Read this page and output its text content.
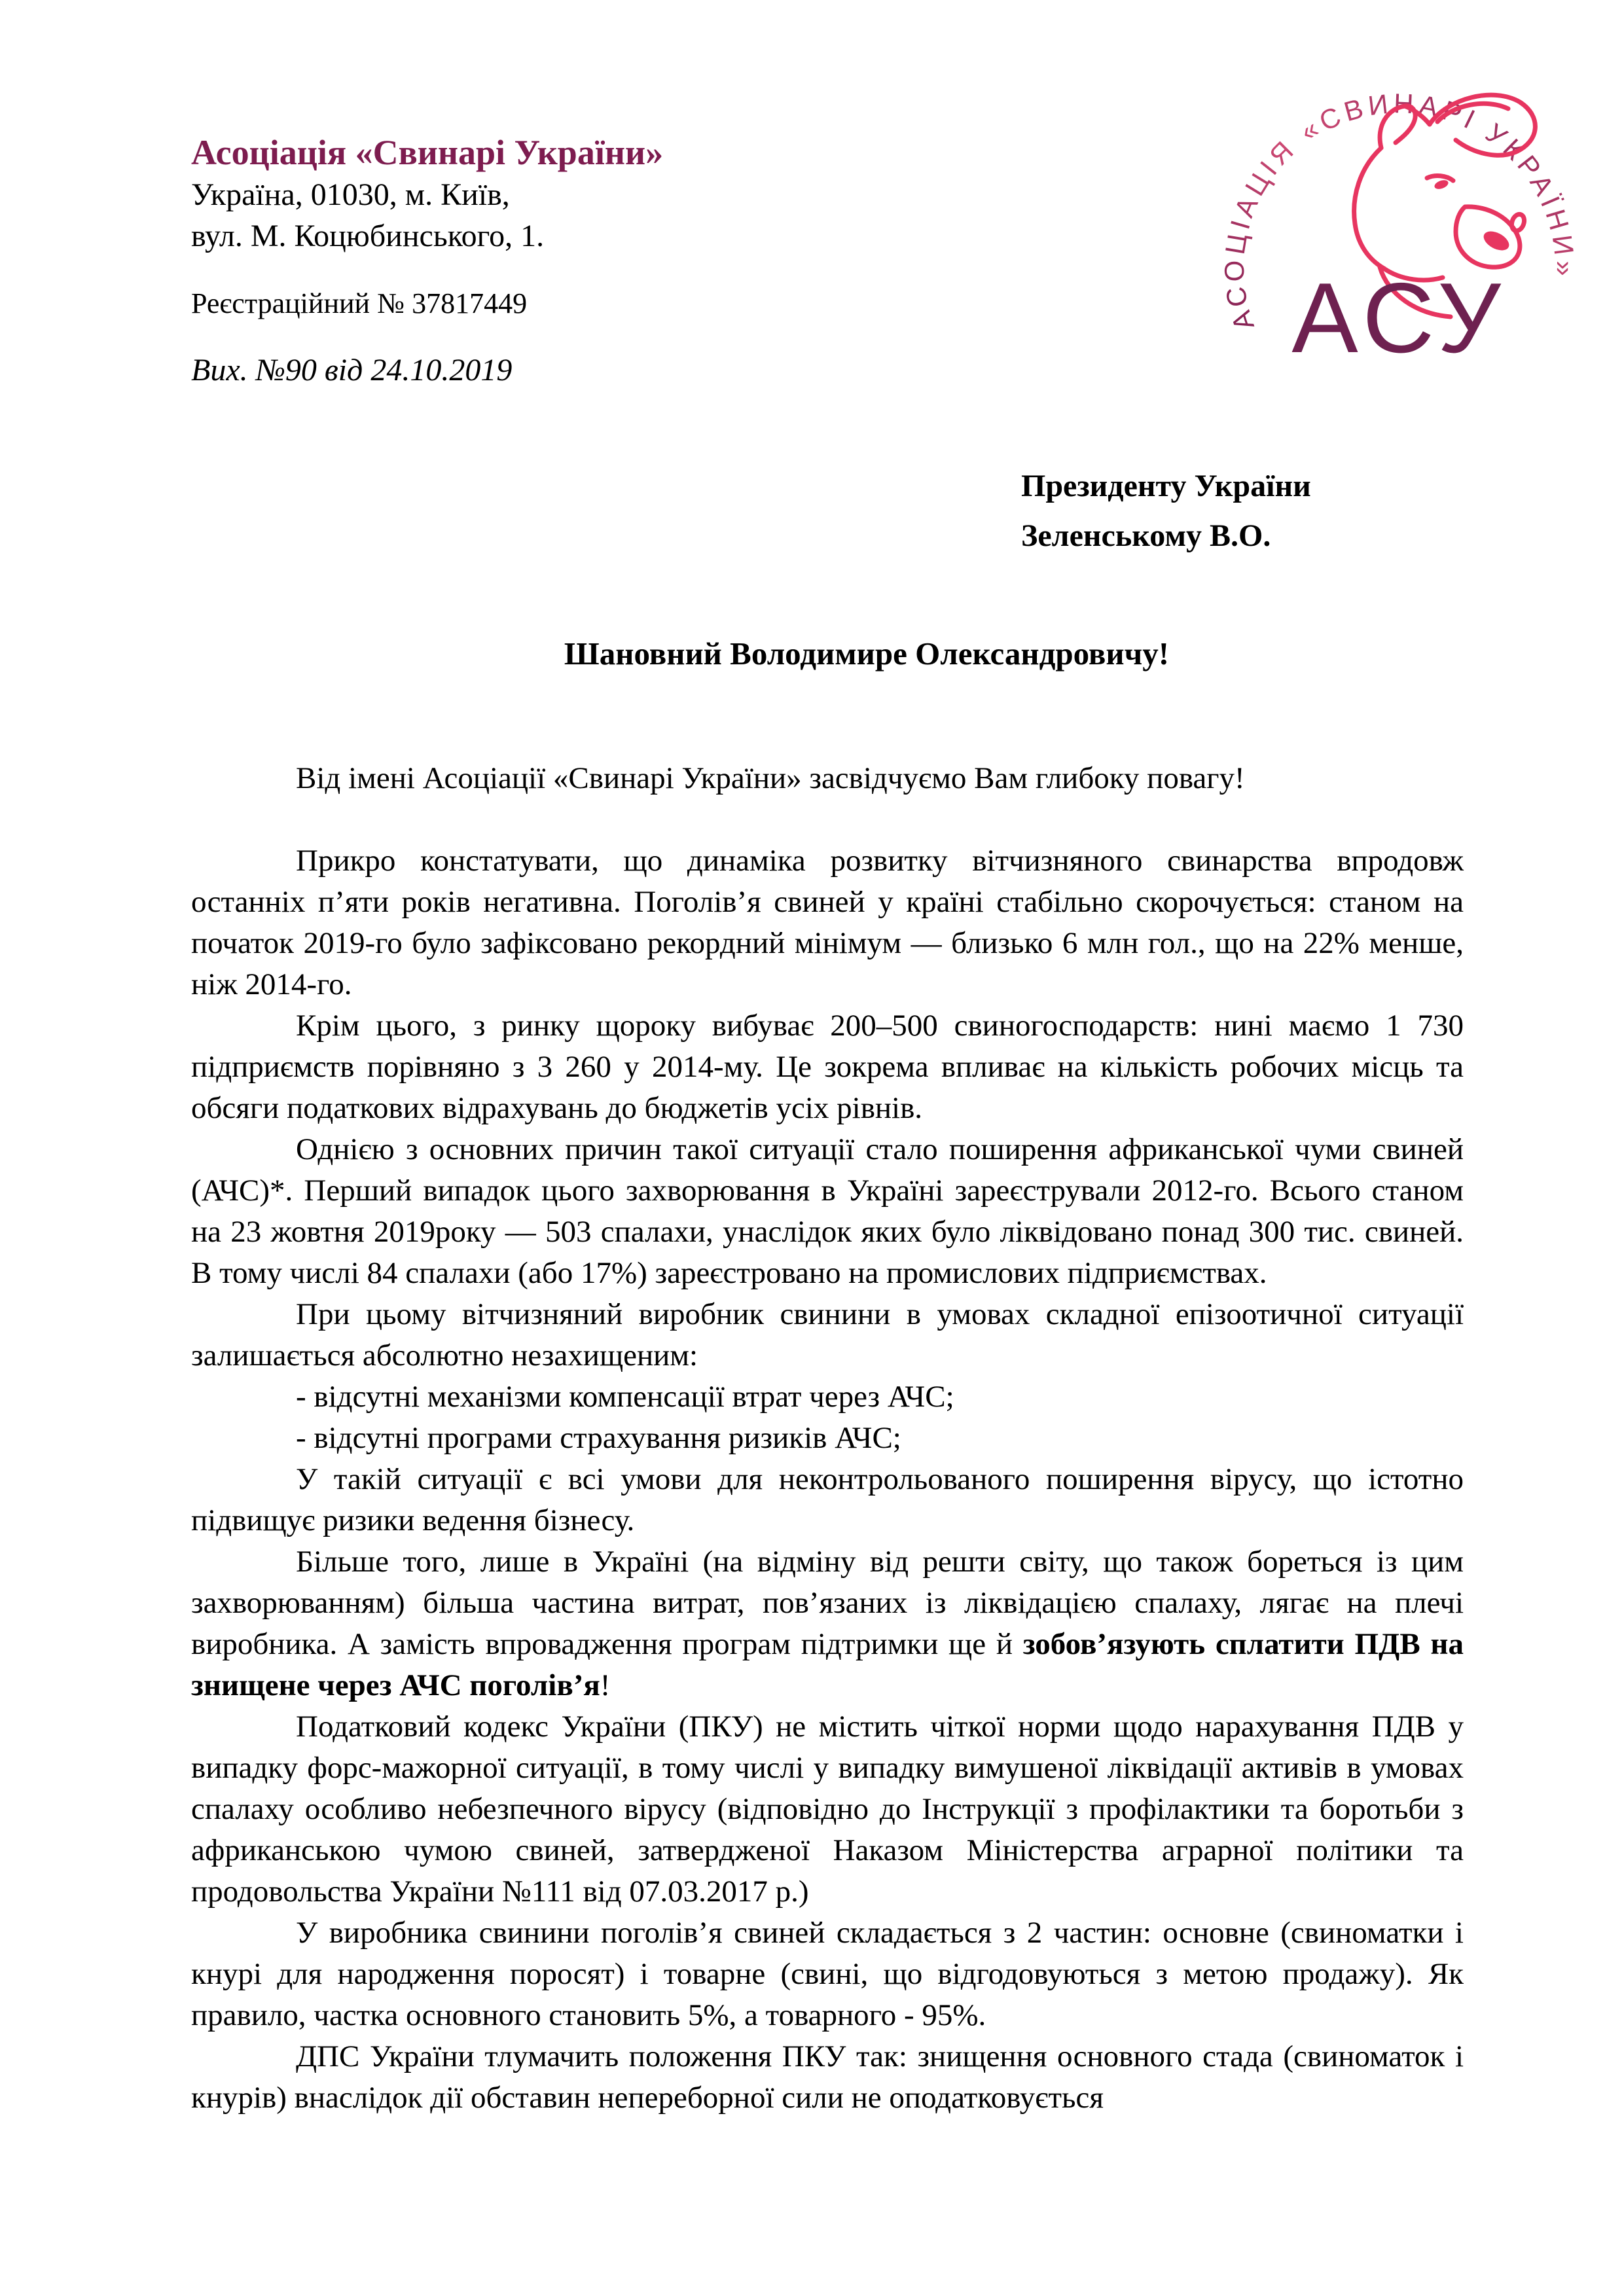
Асоціація «Свинарі України»

Україна, 01030, м. Київ,

вул. М. Коцюбинського, 1.

Реєстраційний № 37817449	АСОЦІАЦІЯ «СВИНАРІ УКРАЇНИ»
АСУ

Вих. №90 від 24.10.2019

Президенту України

Зеленському В.О.

Шановний Володимире Олександровичу!

Від імені Асоціації «Свинарі України» засвідчуємо Вам глибоку повагу!

Прикро констатувати, що динаміка розвитку вітчизняного свинарства впродовж останніх п’яти років негативна. Поголів’я свиней у країні стабільно скорочується: станом на початок 2019-го було зафіксовано рекордний мінімум — близько 6 млн гол., що на 22% менше, ніж 2014-го.

Крім цього, з ринку щороку вибуває 200–500 свиногосподарств: нині маємо 1 730 підприємств порівняно з 3 260 у 2014-му. Це зокрема впливає на кількість робочих місць та обсяги податкових відрахувань до бюджетів усіх рівнів.

Однією з основних причин такої ситуації стало поширення африканської чуми свиней (АЧС)*. Перший випадок цього захворювання в Україні зареєстрували 2012-го. Всього станом на 23 жовтня 2019року — 503 спалахи, унаслідок яких було ліквідовано понад 300 тис. свиней. В тому числі 84 спалахи (або 17%) зареєстровано на промислових підприємствах.

При цьому вітчизняний виробник свинини в умовах складної епізоотичної ситуації залишається абсолютно незахищеним:

- відсутні механізми компенсації втрат через АЧС;

- відсутні програми страхування ризиків АЧС;

У такій ситуації є всі умови для неконтрольованого поширення вірусу, що істотно підвищує ризики ведення бізнесу.

Більше того, лише в Україні (на відміну від решти світу, що також бореться із цим захворюванням) більша частина витрат, пов’язаних із ліквідацією спалаху, лягає на плечі виробника. А замість впровадження програм підтримки ще й зобов’язують сплатити ПДВ на знищене через АЧС поголів’я!

Податковий кодекс України (ПКУ) не містить чіткої норми щодо нарахування ПДВ у випадку форс-мажорної ситуації, в тому числі у випадку вимушеної ліквідації активів в умовах спалаху особливо небезпечного вірусу (відповідно до Інструкції з профілактики та боротьби з африканською чумою свиней, затвердженої Наказом Міністерства аграрної політики та продовольства України №111 від 07.03.2017 р.)

У виробника свинини поголів’я свиней складається з 2 частин: основне (свиноматки і кнурі для народження поросят) і товарне (свині, що відгодовуються з метою продажу). Як правило, частка основного становить 5%, а товарного - 95%.

ДПС України тлумачить положення ПКУ так: знищення основного стада (свиноматок і кнурів) внаслідок дії обставин непереборної сили не оподатковується
